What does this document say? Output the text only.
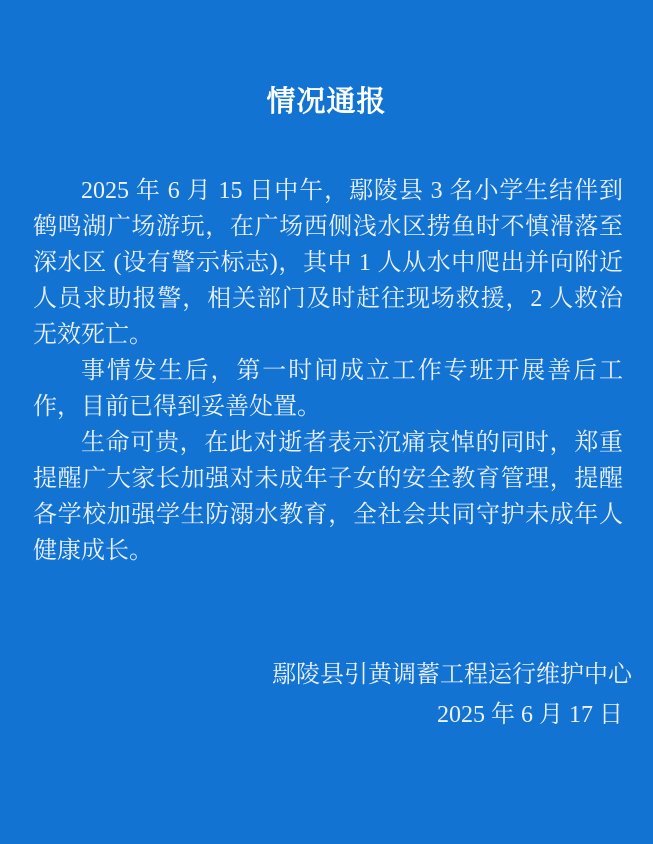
情况通报

2025 年 6 月 15 日中午，鄢陵县 3 名小学生结伴到鹤鸣湖广场游玩，在广场西侧浅水区捞鱼时不慎滑落至深水区 (设有警示标志)，其中 1 人从水中爬出并向附近人员求助报警，相关部门及时赶往现场救援，2 人救治无效死亡。

事情发生后，第一时间成立工作专班开展善后工作，目前已得到妥善处置。

生命可贵，在此对逝者表示沉痛哀悼的同时，郑重提醒广大家长加强对未成年子女的安全教育管理，提醒各学校加强学生防溺水教育，全社会共同守护未成年人健康成长。

鄢陵县引黄调蓄工程运行维护中心
2025 年 6 月 17 日
